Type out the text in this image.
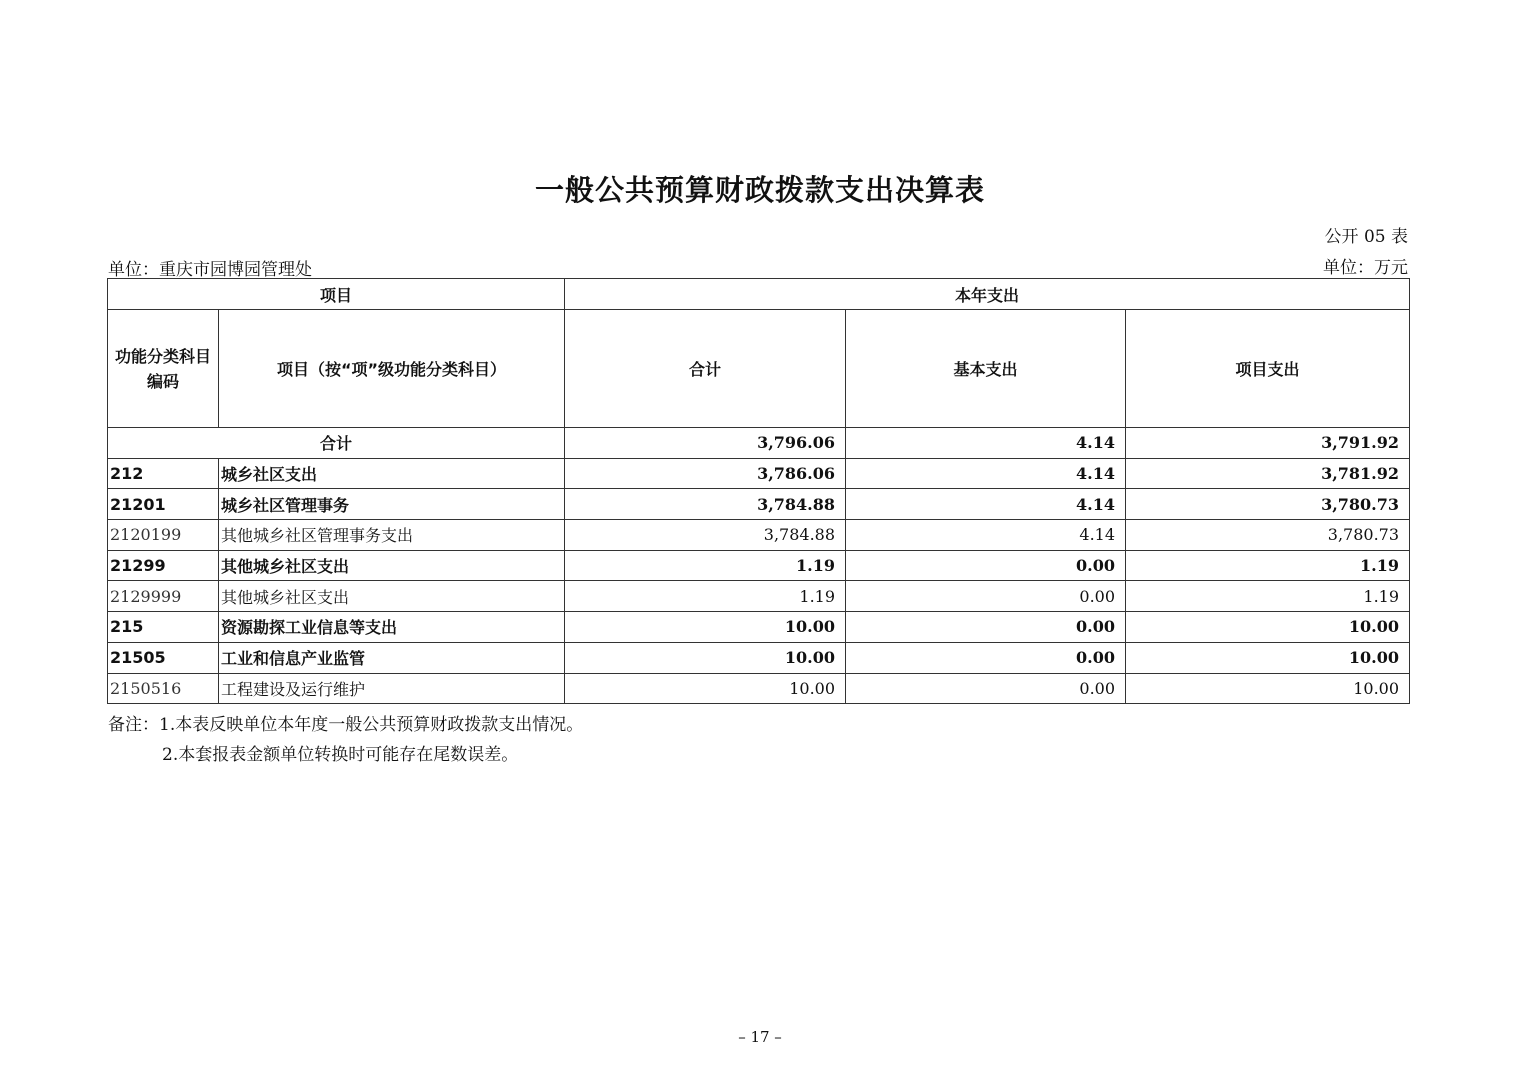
一般公共预算财政拨款支出决算表
公开 05 表
单位：重庆市园博园管理处	单位：万元
项目		本年支出		
功能分类科目编码	项目（按“项”级功能分类科目）	合计	基本支出	项目支出
合计		3,796.06	4.14	3,791.92
212	城乡社区支出	3,786.06	4.14	3,781.92
21201	城乡社区管理事务	3,784.88	4.14	3,780.73
2120199	其他城乡社区管理事务支出	3,784.88	4.14	3,780.73
21299	其他城乡社区支出	1.19	0.00	1.19
2129999	其他城乡社区支出	1.19	0.00	1.19
215	资源勘探工业信息等支出	10.00	0.00	10.00
21505	工业和信息产业监管	10.00	0.00	10.00
2150516	工程建设及运行维护	10.00	0.00	10.00
备注：1.本表反映单位本年度一般公共预算财政拨款支出情况。
2.本套报表金额单位转换时可能存在尾数误差。
– 17 –
